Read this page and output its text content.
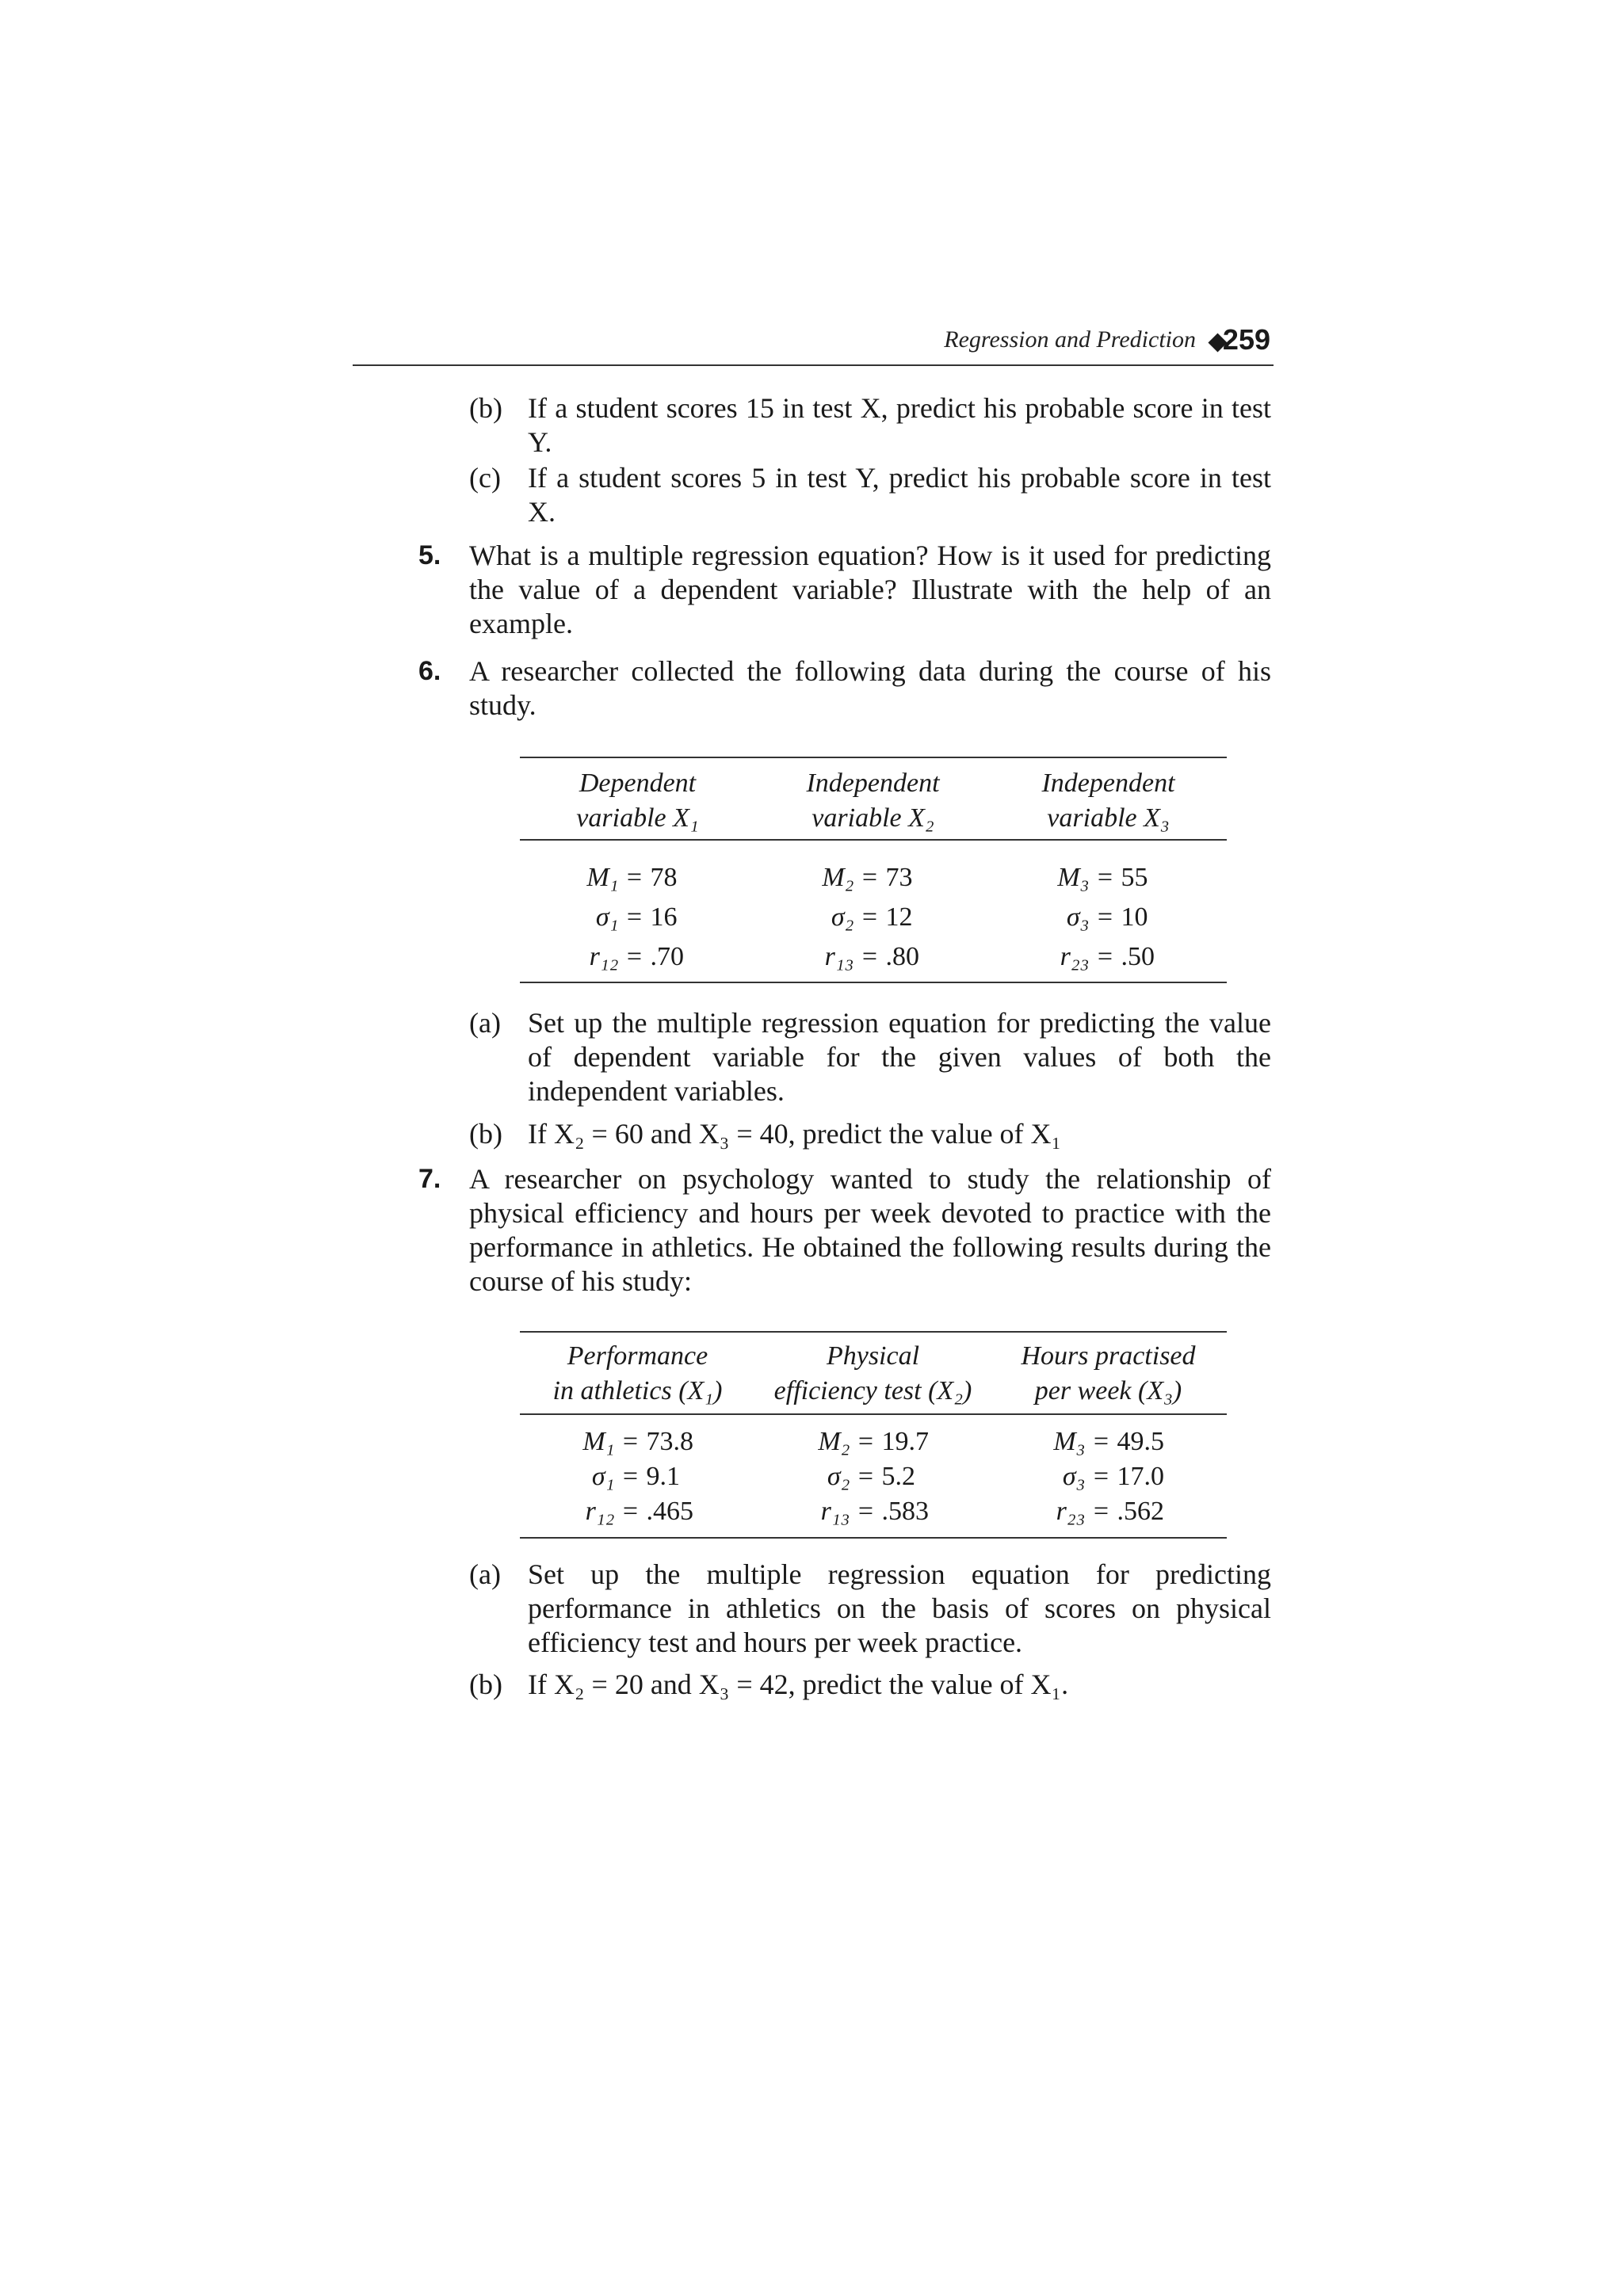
Regression and Prediction 259
(b) If a student scores 15 in test X, predict his probable score in test Y.
(c) If a student scores 5 in test Y, predict his probable score in test X.
5. What is a multiple regression equation? How is it used for predicting the value of a dependent variable? Illustrate with the help of an example.
6. A researcher collected the following data during the course of his study.
Dependent
variable X₁
Independent
variable X₂
Independent
variable X₃
M₁ = 78
σ₁ = 16
r₁₂ = .70
M₂ = 73
σ₂ = 12
r₁₃ = .80
M₃ = 55
σ₃ = 10
r₂₃ = .50
(a) Set up the multiple regression equation for predicting the value of dependent variable for the given values of both the independent variables.
(b) If X₂ = 60 and X₃ = 40, predict the value of X₁
7. A researcher on psychology wanted to study the relationship of physical efficiency and hours per week devoted to practice with the performance in athletics. He obtained the following results during the course of his study:
Performance
in athletics (X₁)
Physical
efficiency test (X₂)
Hours practised
per week (X₃)
M₁ = 73.8
σ₁ = 9.1
r₁₂ = .465
M₂ = 19.7
σ₂ = 5.2
r₁₃ = .583
M₃ = 49.5
σ₃ = 17.0
r₂₃ = .562
(a) Set up the multiple regression equation for predicting performance in athletics on the basis of scores on physical efficiency test and hours per week practice.
(b) If X₂ = 20 and X₃ = 42, predict the value of X₁.
